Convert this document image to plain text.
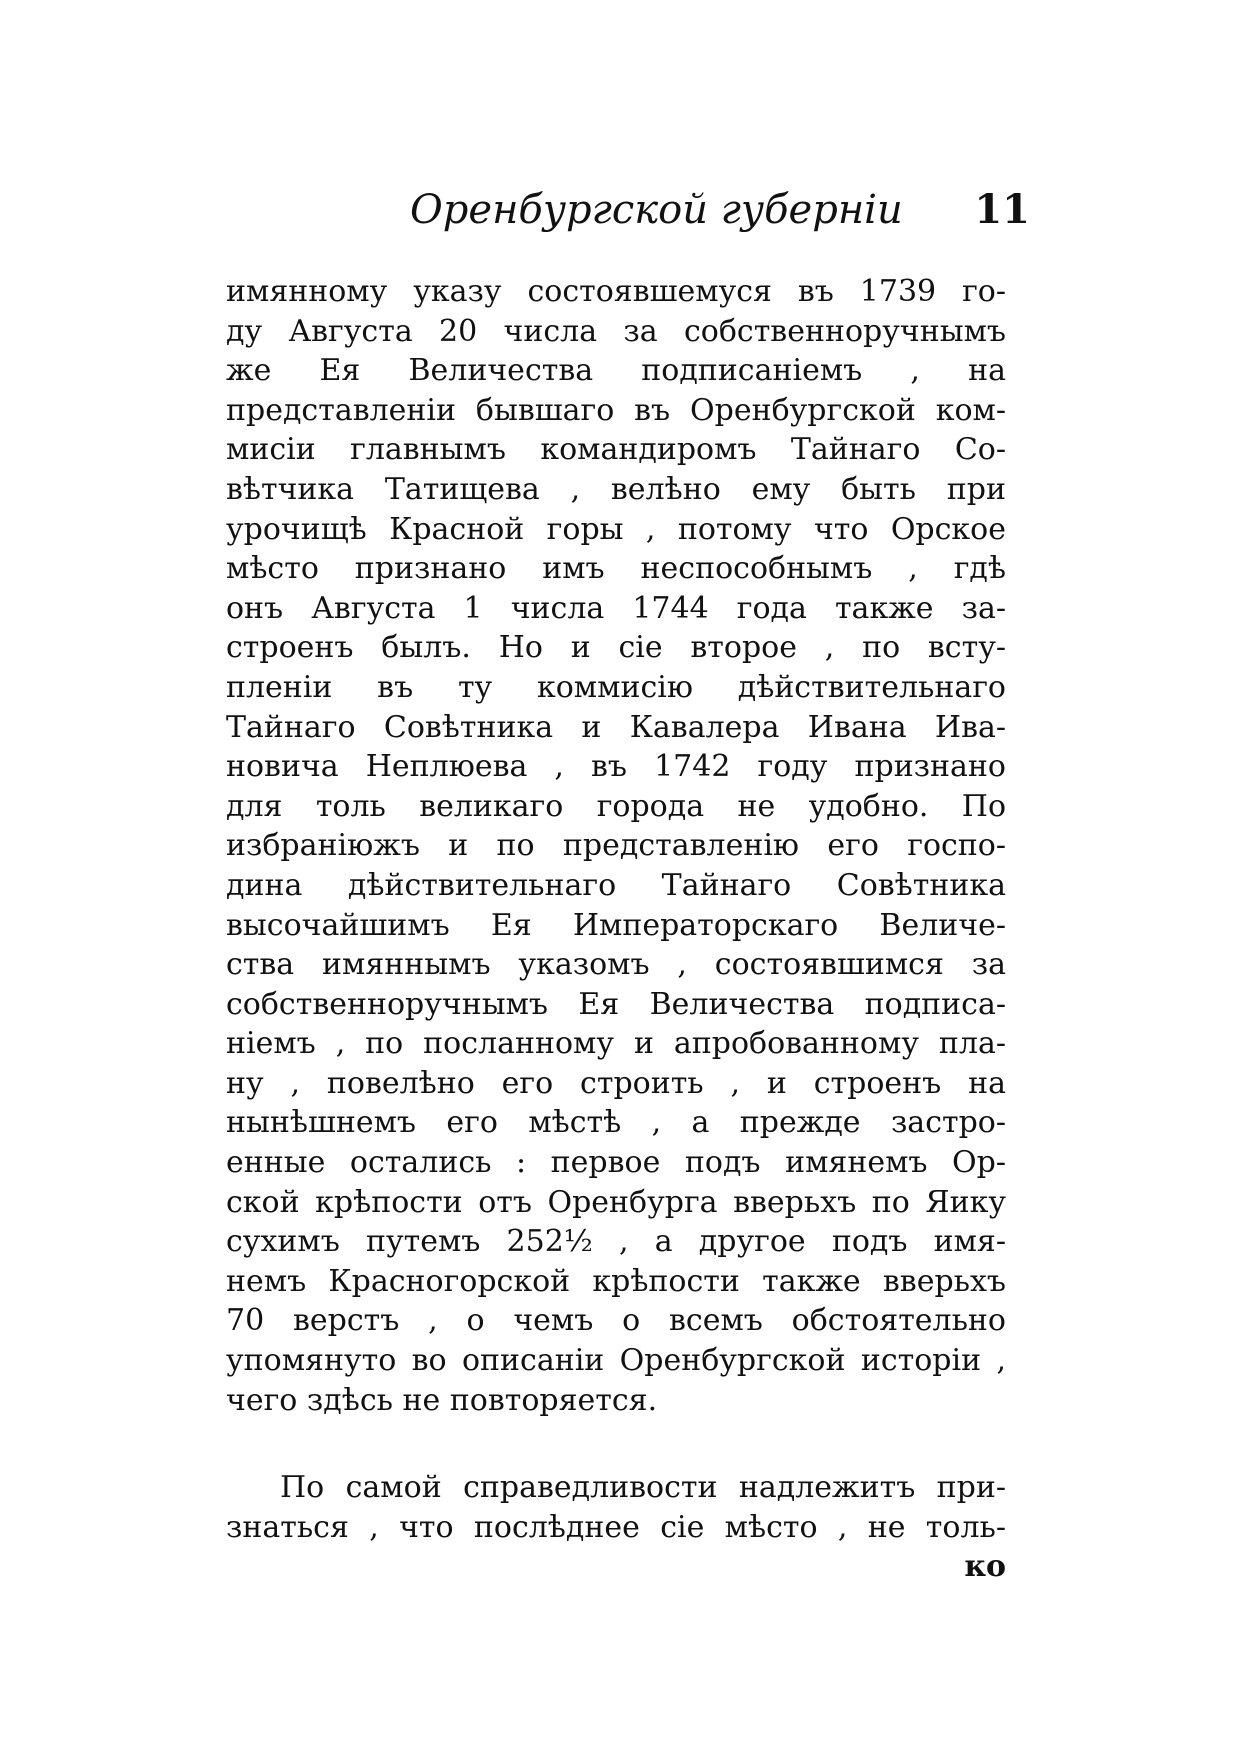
Оренбургской губерніи 11

имянному указу состоявшемуся въ 1739 го-
ду Августа 20 числа за собственноручнымъ
же Ея Величества подписаніемъ , на
представленіи бывшаго въ Оренбургской ком-
мисіи главнымъ командиромъ Тайнаго Со-
вѣтчика Татищева , велѣно ему быть при
урочищѣ Красной горы , потому что Орское
мѣсто признано имъ неспособнымъ , гдѣ
онъ Августа 1 числа 1744 года также за-
строенъ былъ. Но и сіе второе , по всту-
пленіи въ ту коммисію дѣйствительнаго
Тайнаго Совѣтника и Кавалера Ивана Ива-
новича Неплюева , въ 1742 году признано
для толь великаго города не удобно. По
избраніюжъ и по представленію его госпо-
дина дѣйствительнаго Тайнаго Совѣтника
высочайшимъ Ея Императорскаго Величе-
ства имяннымъ указомъ , состоявшимся за
собственноручнымъ Ея Величества подписа-
ніемъ , по посланному и апробованному пла-
ну , повелѣно его строить , и строенъ на
нынѣшнемъ его мѣстѣ , а прежде застро-
енные остались : первое подъ имянемъ Ор-
ской крѣпости отъ Оренбурга вверьхъ по Яику
сухимъ путемъ 252½ , а другое подъ имя-
немъ Красногорской крѣпости также вверьхъ
70 верстъ , о чемъ о всемъ обстоятельно
упомянуто во описаніи Оренбургской исторіи ,
чего здѣсь не повторяется.

По самой справедливости надлежитъ при-
знаться , что послѣднее сіе мѣсто , не толь-

ко
